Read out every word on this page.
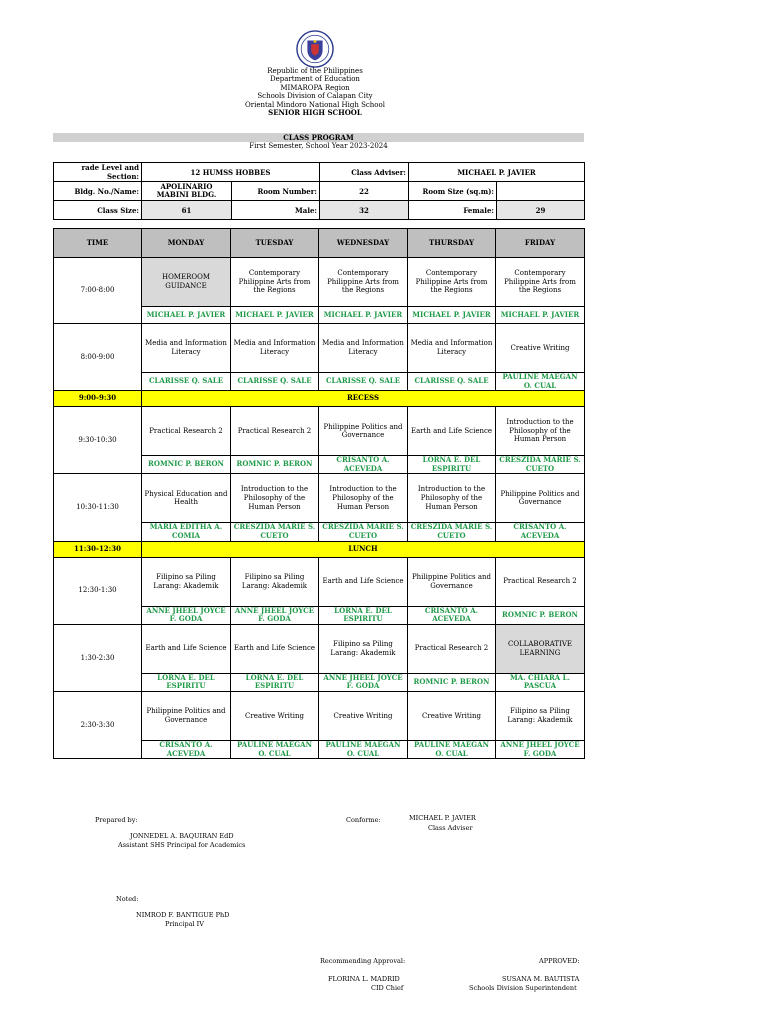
Republic of the Philippines
Department of Education
MIMAROPA Region
Schools Division of Calapan City
Oriental Mindoro National High School
SENIOR HIGH SCHOOL
CLASS PROGRAM
First Semester, School Year 2023-2024
rade Level and Section:	12 HUMSS HOBBES		Class Adviser:	MICHAEL P. JAVIER	
Bldg. No./Name:	APOLINARIO MABINI BLDG.	Room Number:	22	Room Size (sq.m):	
Class Size:	61	Male:	32	Female:	29
TIME	MONDAY	TUESDAY	WEDNESDAY	THURSDAY	FRIDAY
7:00-8:00	HOMEROOM GUIDANCE	Contemporary Philippine Arts from the Regions	Contemporary Philippine Arts from the Regions	Contemporary Philippine Arts from the Regions	Contemporary Philippine Arts from the Regions
	MICHAEL P. JAVIER	MICHAEL P. JAVIER	MICHAEL P. JAVIER	MICHAEL P. JAVIER	MICHAEL P. JAVIER
8:00-9:00	Media and Information Literacy	Media and Information Literacy	Media and Information Literacy	Media and Information Literacy	Creative Writing
	CLARISSE Q. SALE	CLARISSE Q. SALE	CLARISSE Q. SALE	CLARISSE Q. SALE	PAULINE MAEGAN O. CUAL
9:00-9:30	RECESS				
9:30-10:30	Practical Research 2	Practical Research 2	Philippine Politics and Governance	Earth and Life Science	Introduction to the Philosophy of the Human Person
	ROMNIC P. BERON	ROMNIC P. BERON	CRISANTO A. ACEVEDA	LORNA E. DEL ESPIRITU	CRESZIDA MARIE S. CUETO
10:30-11:30	Physical Education and Health	Introduction to the Philosophy of the Human Person	Introduction to the Philosophy of the Human Person	Introduction to the Philosophy of the Human Person	Philippine Politics and Governance
	MARIA EDITHA A. COMIA	CRESZIDA MARIE S. CUETO	CRESZIDA MARIE S. CUETO	CRESZIDA MARIE S. CUETO	CRISANTO A. ACEVEDA
11:30-12:30	LUNCH				
12:30-1:30	Filipino sa Piling Larang: Akademik	Filipino sa Piling Larang: Akademik	Earth and Life Science	Philippine Politics and Governance	Practical Research 2
	ANNE JHEEL JOYCE F. GODA	ANNE JHEEL JOYCE F. GODA	LORNA E. DEL ESPIRITU	CRISANTO A. ACEVEDA	ROMNIC P. BERON
1:30-2:30	Earth and Life Science	Earth and Life Science	Filipino sa Piling Larang: Akademik	Practical Research 2	COLLABORATIVE LEARNING
	LORNA E. DEL ESPIRITU	LORNA E. DEL ESPIRITU	ANNE JHEEL JOYCE F. GODA	ROMNIC P. BERON	MA. CHIARA L. PASCUA
2:30-3:30	Philippine Politics and Governance	Creative Writing	Creative Writing	Creative Writing	Filipino sa Piling Larang: Akademik
	CRISANTO A. ACEVEDA	PAULINE MAEGAN O. CUAL	PAULINE MAEGAN O. CUAL	PAULINE MAEGAN O. CUAL	ANNE JHEEL JOYCE F. GODA
Prepared by:
JONNEDEL A. BAQUIRAN EdD
Assistant SHS Principal for Academics
Conforme:	MICHAEL P. JAVIER
Class Adviser
Noted:
NIMROD F. BANTIGUE PhD
Principal IV
Recommending Approval:
FLORINA L. MADRID
CID Chief
APPROVED:
SUSANA M. BAUTISTA
Schools Division Superintendent
